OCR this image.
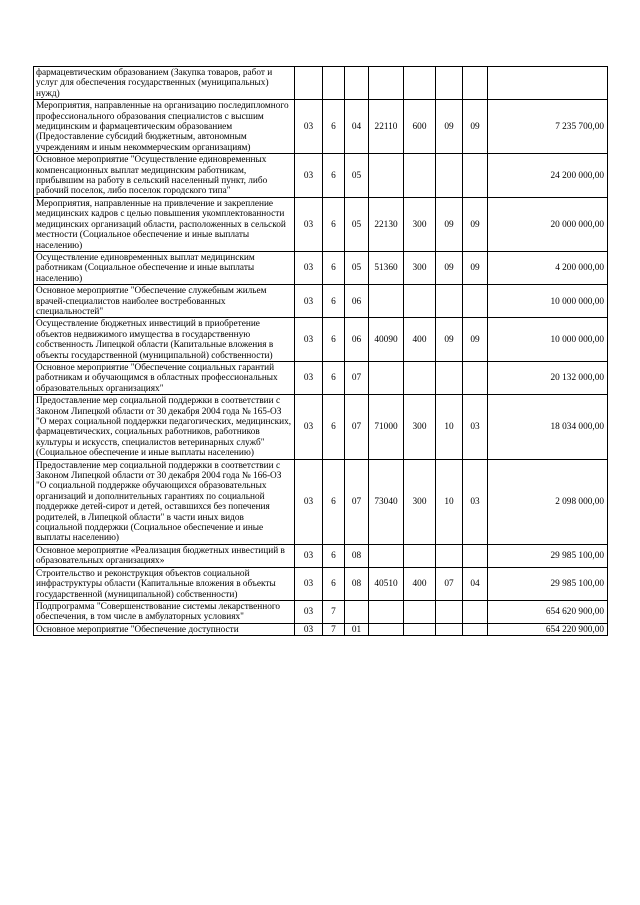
фармацевтическим образованием (Закупка товаров, работ и услуг для обеспечения государственных (муниципальных) нужд)								
Мероприятия, направленные на организацию последипломного профессионального образования специалистов с высшим медицинским и фармацевтическим образованием (Предоставление субсидий бюджетным, автономным учреждениям и иным некоммерческим организациям)	03	6	04	22110	600	09	09	7 235 700,00
Основное мероприятие "Осуществление единовременных компенсационных выплат медицинским работникам, прибывшим на работу в сельский населенный пункт, либо рабочий поселок, либо поселок городского типа"	03	6	05					24 200 000,00
Мероприятия, направленные на привлечение и закрепление медицинских кадров с целью повышения укомплектованности медицинских организаций области, расположенных в сельской местности (Социальное обеспечение и иные выплаты населению)	03	6	05	22130	300	09	09	20 000 000,00
Осуществление единовременных выплат медицинским работникам (Социальное обеспечение и иные выплаты населению)	03	6	05	51360	300	09	09	4 200 000,00
Основное мероприятие "Обеспечение служебным жильем врачей-специалистов наиболее востребованных специальностей"	03	6	06					10 000 000,00
Осуществление бюджетных инвестиций в приобретение объектов недвижимого имущества в государственную собственность Липецкой области (Капитальные вложения в объекты государственной (муниципальной) собственности)	03	6	06	40090	400	09	09	10 000 000,00
Основное мероприятие "Обеспечение социальных гарантий работникам и обучающимся в областных профессиональных образовательных организациях"	03	6	07					20 132 000,00
Предоставление мер социальной поддержки в соответствии с Законом Липецкой области от 30 декабря 2004 года № 165-ОЗ "О мерах социальной поддержки педагогических, медицинских, фармацевтических, социальных работников, работников культуры и искусств, специалистов ветеринарных служб" (Социальное обеспечение и иные выплаты населению)	03	6	07	71000	300	10	03	18 034 000,00
Предоставление мер социальной поддержки в соответствии с Законом Липецкой области от 30 декабря 2004 года № 166-ОЗ "О социальной поддержке обучающихся образовательных организаций и дополнительных гарантиях по социальной поддержке детей-сирот и детей, оставшихся без попечения родителей, в Липецкой области" в части иных видов социальной поддержки (Социальное обеспечение и иные выплаты населению)	03	6	07	73040	300	10	03	2 098 000,00
Основное мероприятие «Реализация бюджетных инвестиций в образовательных организациях»	03	6	08					29 985 100,00
Строительство и реконструкция объектов социальной инфраструктуры области (Капитальные вложения в объекты государственной (муниципальной) собственности)	03	6	08	40510	400	07	04	29 985 100,00
Подпрограмма "Совершенствование системы лекарственного обеспечения, в том числе в амбулаторных условиях"	03	7						654 620 900,00
Основное мероприятие "Обеспечение доступности	03	7	01					654 220 900,00
